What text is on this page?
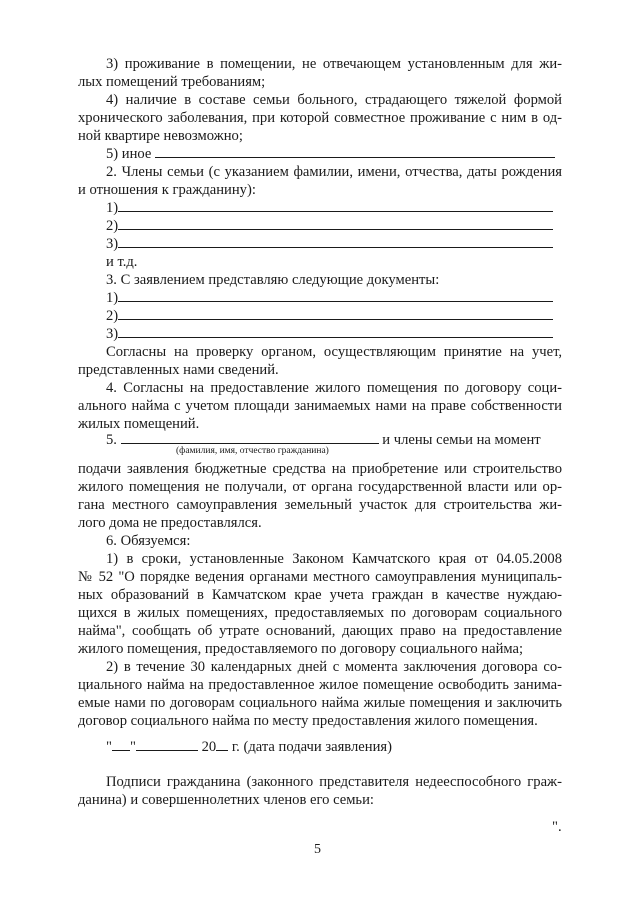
3) проживание в помещении, не отвечающем установленным для жи-
лых помещений требованиям;
4) наличие в составе семьи больного, страдающего тяжелой формой
хронического заболевания, при которой совместное проживание с ним в од-
ной квартире невозможно;
5) иное
2. Члены семьи (с указанием фамилии, имени, отчества, даты рождения
и отношения к гражданину):
1)
2)
3)
и т.д.
3. С заявлением представляю следующие документы:
1)
2)
3)
Согласны на проверку органом, осуществляющим принятие на учет,
представленных нами сведений.
4. Согласны на предоставление жилого помещения по договору соци-
ального найма с учетом площади занимаемых нами на праве собственности
жилых помещений.
5.	и члены семьи на момент
(фамилия, имя, отчество гражданина)
подачи заявления бюджетные средства на приобретение или строительство
жилого помещения не получали, от органа государственной власти или ор-
гана местного самоуправления земельный участок для строительства жи-
лого дома не предоставлялся.
6. Обязуемся:
1) в сроки, установленные Законом Камчатского края от 04.05.2008
№ 52 "О порядке ведения органами местного самоуправления муниципаль-
ных образований в Камчатском крае учета граждан в качестве нуждаю-
щихся в жилых помещениях, предоставляемых по договорам социального
найма", сообщать об утрате оснований, дающих право на предоставление
жилого помещения, предоставляемого по договору социального найма;
2) в течение 30 календарных дней с момента заключения договора со-
циального найма на предоставленное жилое помещение освободить занима-
емые нами по договорам социального найма жилые помещения и заключить
договор социального найма по месту предоставления жилого помещения.
" "	20 г. (дата подачи заявления)
Подписи гражданина (законного представителя недееспособного граж-
данина) и совершеннолетних членов его семьи:
".
5
